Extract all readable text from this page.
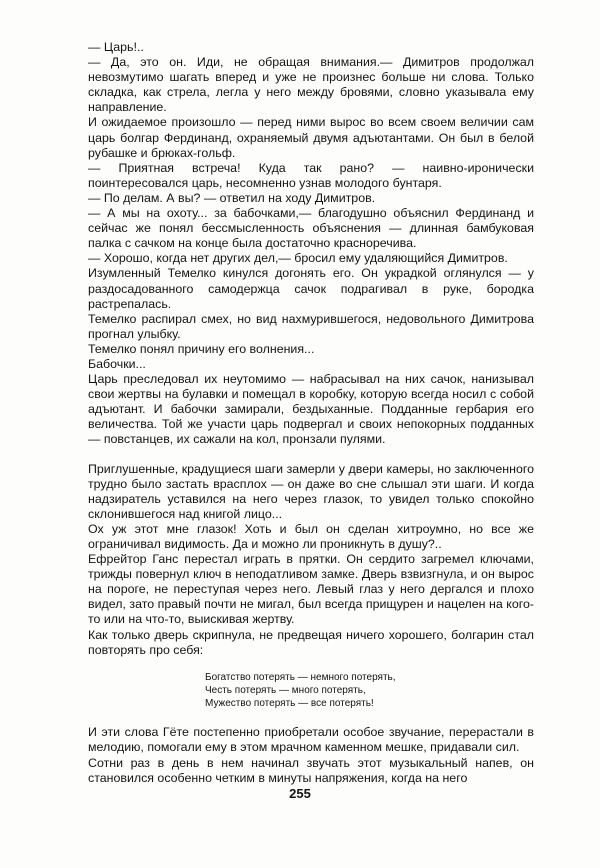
— Царь!..

— Да, это он. Иди, не обращая внимания.— Димитров продолжал невозмутимо шагать вперед и уже не произнес больше ни слова. Только складка, как стрела, легла у него между бровями, словно указывала ему направление.

И ожидаемое произошло — перед ними вырос во всем своем величии сам царь болгар Фердинанд, охраняемый двумя адъютантами. Он был в белой рубашке и брюках-гольф.

— Приятная встреча! Куда так рано? — наивно-иронически поинтересовался царь, несомненно узнав молодого бунтаря.

— По делам. А вы? — ответил на ходу Димитров.

— А мы на охоту... за бабочками,— благодушно объяснил Фердинанд и сейчас же понял бессмысленность объяснения — длинная бамбуковая палка с сачком на конце была достаточно красноречива.

— Хорошо, когда нет других дел,— бросил ему удаляющийся Димитров.

Изумленный Темелко кинулся догонять его. Он украдкой оглянулся — у раздосадованного самодержца сачок подрагивал в руке, бородка растрепалась.

Темелко распирал смех, но вид нахмурившегося, недовольного Димитрова прогнал улыбку.

Темелко понял причину его волнения...

Бабочки...

Царь преследовал их неутомимо — набрасывал на них сачок, нанизывал свои жертвы на булавки и помещал в коробку, которую всегда носил с собой адъютант. И бабочки замирали, бездыханные. Подданные гербария его величества. Той же участи царь подвергал и своих непокорных подданных — повстанцев, их сажали на кол, пронзали пулями.

Приглушенные, крадущиеся шаги замерли у двери камеры, но заключенного трудно было застать врасплох — он даже во сне слышал эти шаги. И когда надзиратель уставился на него через глазок, то увидел только спокойно склонившегося над книгой лицо...

Ох уж этот мне глазок! Хоть и был он сделан хитроумно, но все же ограничивал видимость. Да и можно ли проникнуть в душу?..

Ефрейтор Ганс перестал играть в прятки. Он сердито загремел ключами, трижды повернул ключ в неподатливом замке. Дверь взвизгнула, и он вырос на пороге, не переступая через него. Левый глаз у него дергался и плохо видел, зато правый почти не мигал, был всегда прищурен и нацелен на кого-то или на что-то, выискивая жертву.

Как только дверь скрипнула, не предвещая ничего хорошего, болгарин стал повторять про себя:

Богатство потерять — немного потерять,
Честь потерять — много потерять,
Мужество потерять — все потерять!

И эти слова Гёте постепенно приобретали особое звучание, перерастали в мелодию, помогали ему в этом мрачном каменном мешке, придавали сил.

Сотни раз в день в нем начинал звучать этот музыкальный напев, он становился особенно четким в минуты напряжения, когда на него

255
